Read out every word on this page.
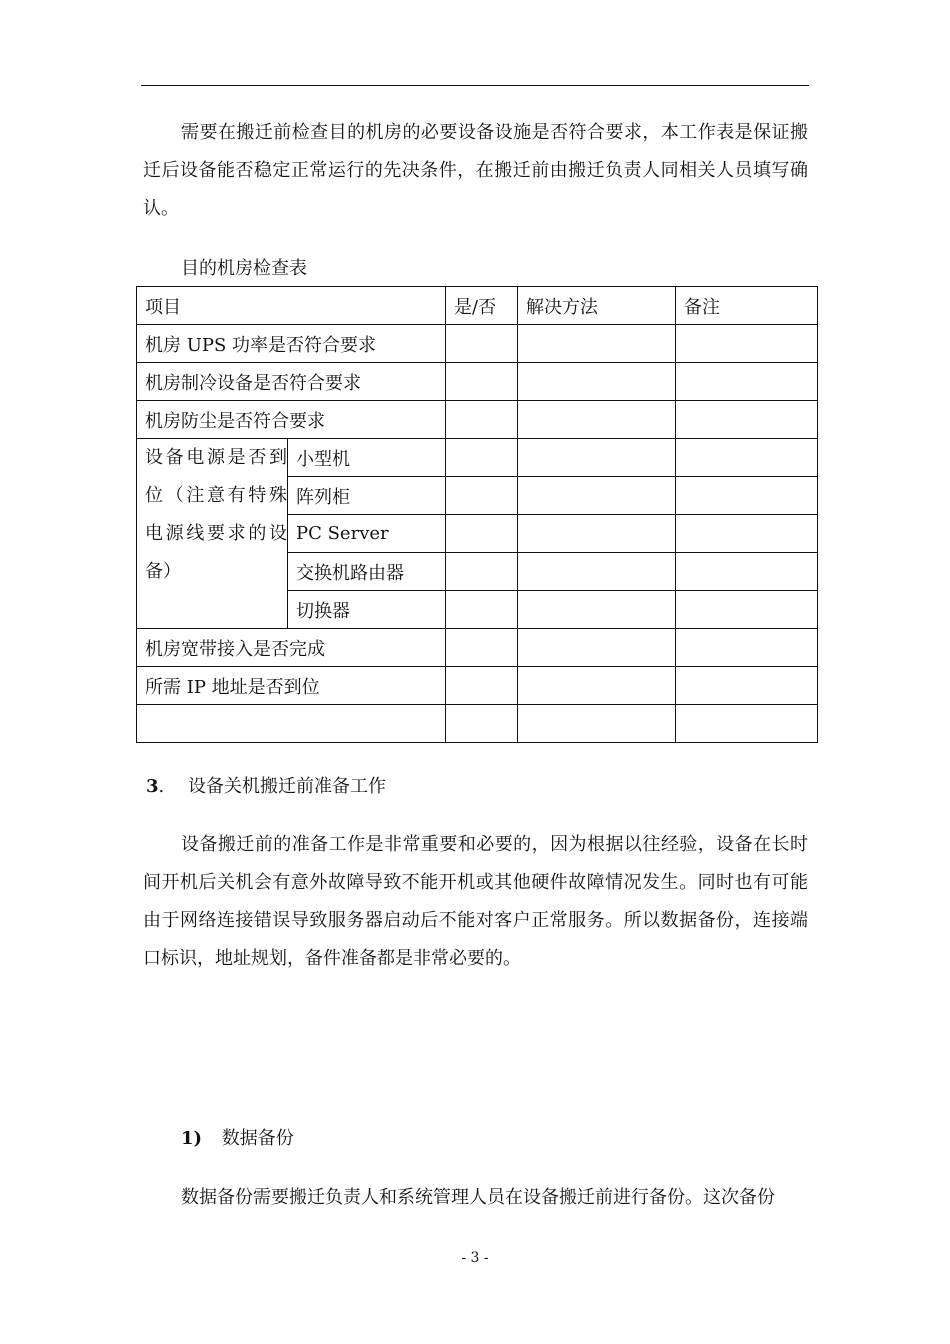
需要在搬迁前检查目的机房的必要设备设施是否符合要求，本工作表是保证搬迁后设备能否稳定正常运行的先决条件，在搬迁前由搬迁负责人同相关人员填写确认。
目的机房检查表
项目		是/否	解决方法	备注
机房 UPS 功率是否符合要求				
机房制冷设备是否符合要求				
机房防尘是否符合要求				
设备电源是否到位（注意有特殊电源线要求的设备）	小型机			
	阵列柜			
	PC Server			
	交换机路由器			
	切换器			
机房宽带接入是否完成				
所需 IP 地址是否到位				

3. 设备关机搬迁前准备工作
设备搬迁前的准备工作是非常重要和必要的，因为根据以往经验，设备在长时间开机后关机会有意外故障导致不能开机或其他硬件故障情况发生。同时也有可能由于网络连接错误导致服务器启动后不能对客户正常服务。所以数据备份，连接端口标识，地址规划，备件准备都是非常必要的。
1) 数据备份
数据备份需要搬迁负责人和系统管理人员在设备搬迁前进行备份。这次备份
- 3 -
